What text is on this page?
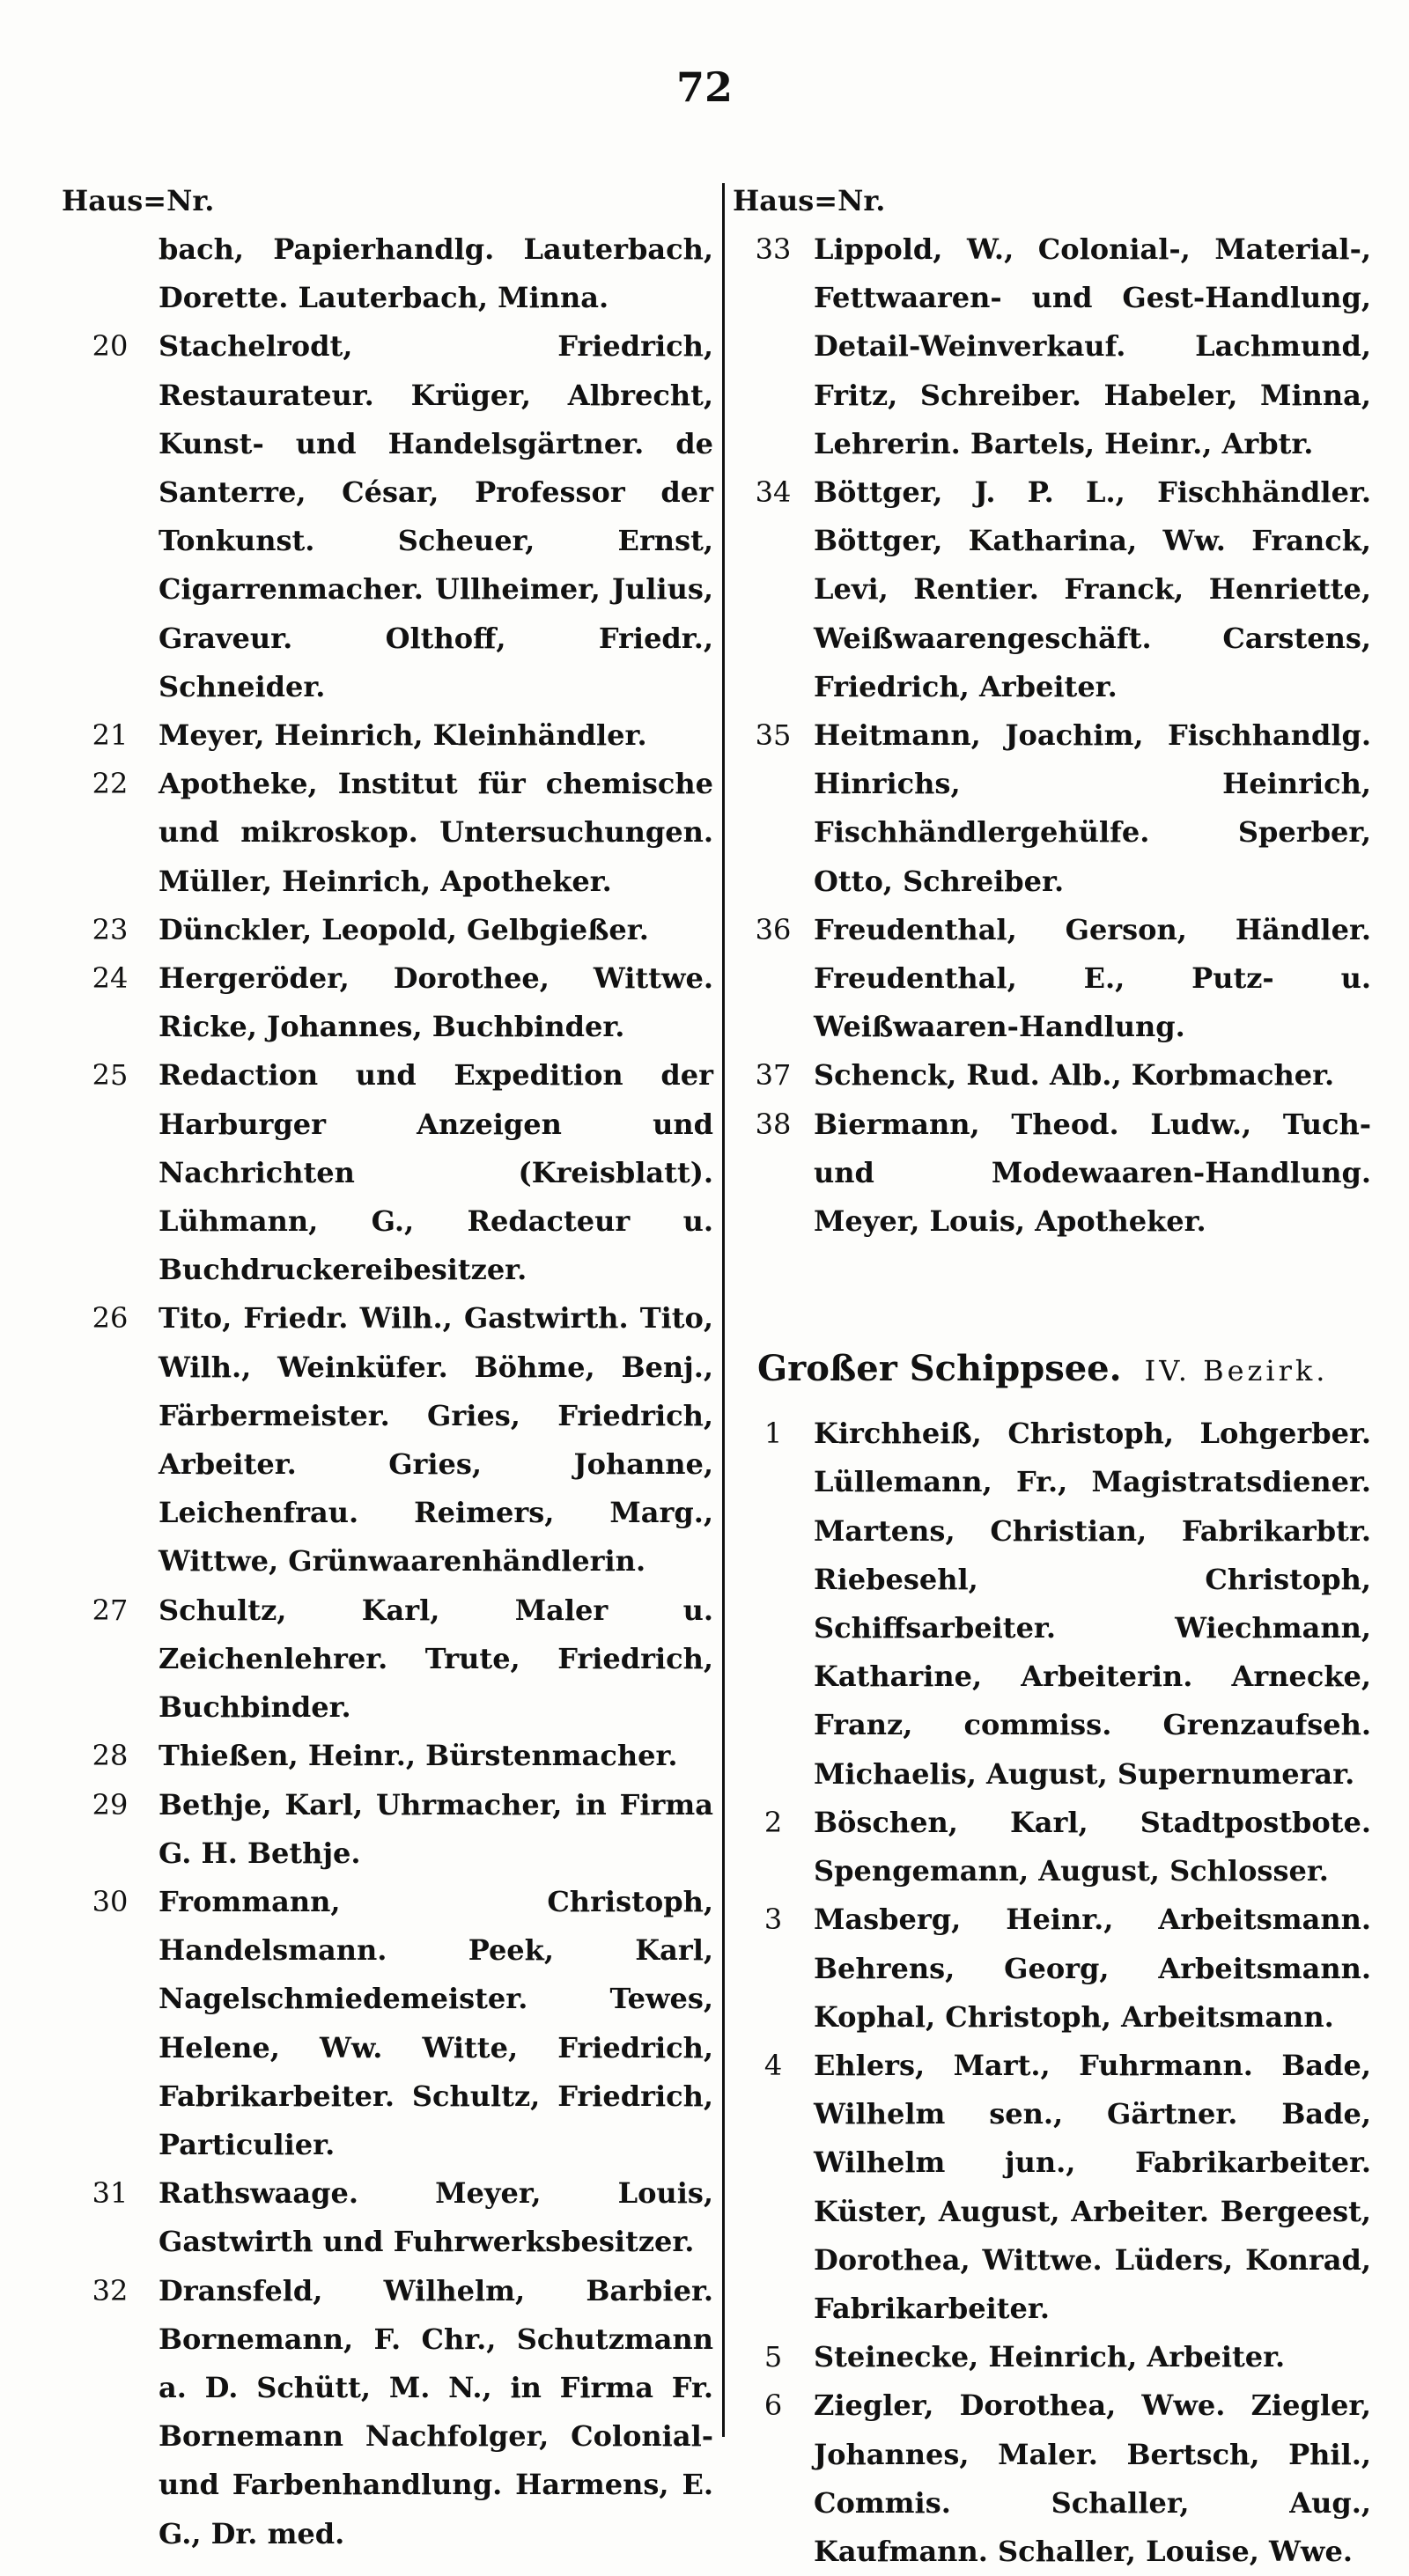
72
Haus=Nr.
bach, Papierhandlg. Lauterbach, Dorette. Lauterbach, Minna.
20	Stachelrodt, Friedrich, Restaurateur. Krüger, Albrecht, Kunst- und Handelsgärtner. de Santerre, César, Professor der Tonkunst. Scheuer, Ernst, Cigarrenmacher. Ullheimer, Julius, Graveur. Olthoff, Friedr., Schneider.
21	Meyer, Heinrich, Kleinhändler.
22	Apotheke, Institut für chemische und mikroskop. Untersuchungen. Müller, Heinrich, Apotheker.
23	Dünckler, Leopold, Gelbgießer.
24	Hergeröder, Dorothee, Wittwe. Ricke, Johannes, Buchbinder.
25	Redaction und Expedition der Harburger Anzeigen und Nachrichten (Kreisblatt). Lühmann, G., Redacteur u. Buchdruckereibesitzer.
26	Tito, Friedr. Wilh., Gastwirth. Tito, Wilh., Weinküfer. Böhme, Benj., Färbermeister. Gries, Friedrich, Arbeiter. Gries, Johanne, Leichenfrau. Reimers, Marg., Wittwe, Grünwaarenhändlerin.
27	Schultz, Karl, Maler u. Zeichenlehrer. Trute, Friedrich, Buchbinder.
28	Thießen, Heinr., Bürstenmacher.
29	Bethje, Karl, Uhrmacher, in Firma G. H. Bethje.
30	Frommann, Christoph, Handelsmann. Peek, Karl, Nagelschmiedemeister. Tewes, Helene, Ww. Witte, Friedrich, Fabrikarbeiter. Schultz, Friedrich, Particulier.
31	Rathswaage. Meyer, Louis, Gastwirth und Fuhrwerksbesitzer.
32	Dransfeld, Wilhelm, Barbier. Bornemann, F. Chr., Schutzmann a. D. Schütt, M. N., in Firma Fr. Bornemann Nachfolger, Colonial- und Farbenhandlung. Harmens, E. G., Dr. med.
Haus=Nr.
33 Lippold, W., Colonial-, Material-, Fettwaaren- und Gest-Handlung, Detail-Weinverkauf. Lachmund, Fritz, Schreiber. Habeler, Minna, Lehrerin. Bartels, Heinr., Arbtr.
34 Böttger, J. P. L., Fischhändler. Böttger, Katharina, Ww. Franck, Levi, Rentier. Franck, Henriette, Weißwaarengeschäft. Carstens, Friedrich, Arbeiter.
35 Heitmann, Joachim, Fischhandlg. Hinrichs, Heinrich, Fischhändlergehülfe. Sperber, Otto, Schreiber.
36 Freudenthal, Gerson, Händler. Freudenthal, E., Putz- u. Weißwaaren-Handlung.
37 Schenck, Rud. Alb., Korbmacher.
38 Biermann, Theod. Ludw., Tuch- und Modewaaren-Handlung. Meyer, Louis, Apotheker.
Großer Schippsee. IV. Bezirk.
1	Kirchheiß, Christoph, Lohgerber. Lüllemann, Fr., Magistratsdiener. Martens, Christian, Fabrikarbtr. Riebesehl, Christoph, Schiffsarbeiter. Wiechmann, Katharine, Arbeiterin. Arnecke, Franz, commiss. Grenzaufseh. Michaelis, August, Supernumerar.
2	Böschen, Karl, Stadtpostbote. Spengemann, August, Schlosser.
3	Masberg, Heinr., Arbeitsmann. Behrens, Georg, Arbeitsmann. Kophal, Christoph, Arbeitsmann.
4	Ehlers, Mart., Fuhrmann. Bade, Wilhelm sen., Gärtner. Bade, Wilhelm jun., Fabrikarbeiter. Küster, August, Arbeiter. Bergeest, Dorothea, Wittwe. Lüders, Konrad, Fabrikarbeiter.
5	Steinecke, Heinrich, Arbeiter.
6	Ziegler, Dorothea, Wwe. Ziegler, Johannes, Maler. Bertsch, Phil., Commis. Schaller, Aug., Kaufmann. Schaller, Louise, Wwe.
